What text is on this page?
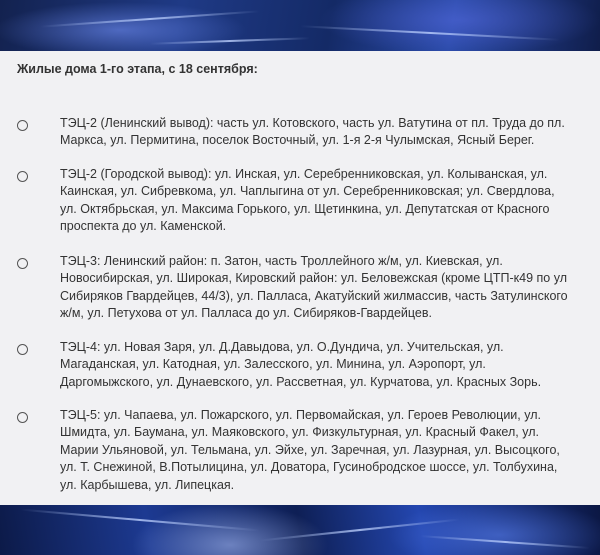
Жилые дома 1-го этапа, с 18 сентября:

ТЭЦ-2 (Ленинский вывод): часть ул. Котовского, часть ул. Ватутина от пл. Труда до пл. Маркса, ул. Пермитина, поселок Восточный, ул. 1-я 2-я Чулымская, Ясный Берег.

ТЭЦ-2 (Городской вывод): ул. Инская, ул. Серебренниковская, ул. Колыванская, ул. Каинская, ул. Сибревкома, ул. Чаплыгина от ул. Серебренниковская; ул. Свердлова, ул. Октябрьская, ул. Максима Горького, ул. Щетинкина, ул. Депутатская от Красного проспекта до ул. Каменской.

ТЭЦ-3: Ленинский район: п. Затон, часть Троллейного ж/м, ул. Киевская, ул. Новосибирская, ул. Широкая, Кировский район: ул. Беловежская (кроме ЦТП-к49 по ул Сибиряков Гвардейцев, 44/3), ул. Палласа, Акатуйский жилмассив, часть Затулинского ж/м, ул. Петухова от ул. Палласа до ул. Сибиряков-Гвардейцев.

ТЭЦ-4: ул. Новая Заря, ул. Д.Давыдова, ул. О.Дундича, ул. Учительская, ул. Магаданская, ул. Катодная, ул. Залесского, ул. Минина, ул. Аэропорт, ул. Даргомыжского, ул. Дунаевского, ул. Рассветная, ул. Курчатова, ул. Красных Зорь.

ТЭЦ-5: ул. Чапаева, ул. Пожарского, ул. Первомайская, ул. Героев Революции, ул. Шмидта, ул. Баумана, ул. Маяковского, ул. Физкультурная, ул. Красный Факел, ул. Марии Ульяновой, ул. Тельмана, ул. Эйхе, ул. Заречная, ул. Лазурная, ул. Высоцкого, ул. Т. Снежиной, В.Потылицина, ул. Доватора, Гусинобродское шоссе, ул. Толбухина, ул. Карбышева, ул. Липецкая.
